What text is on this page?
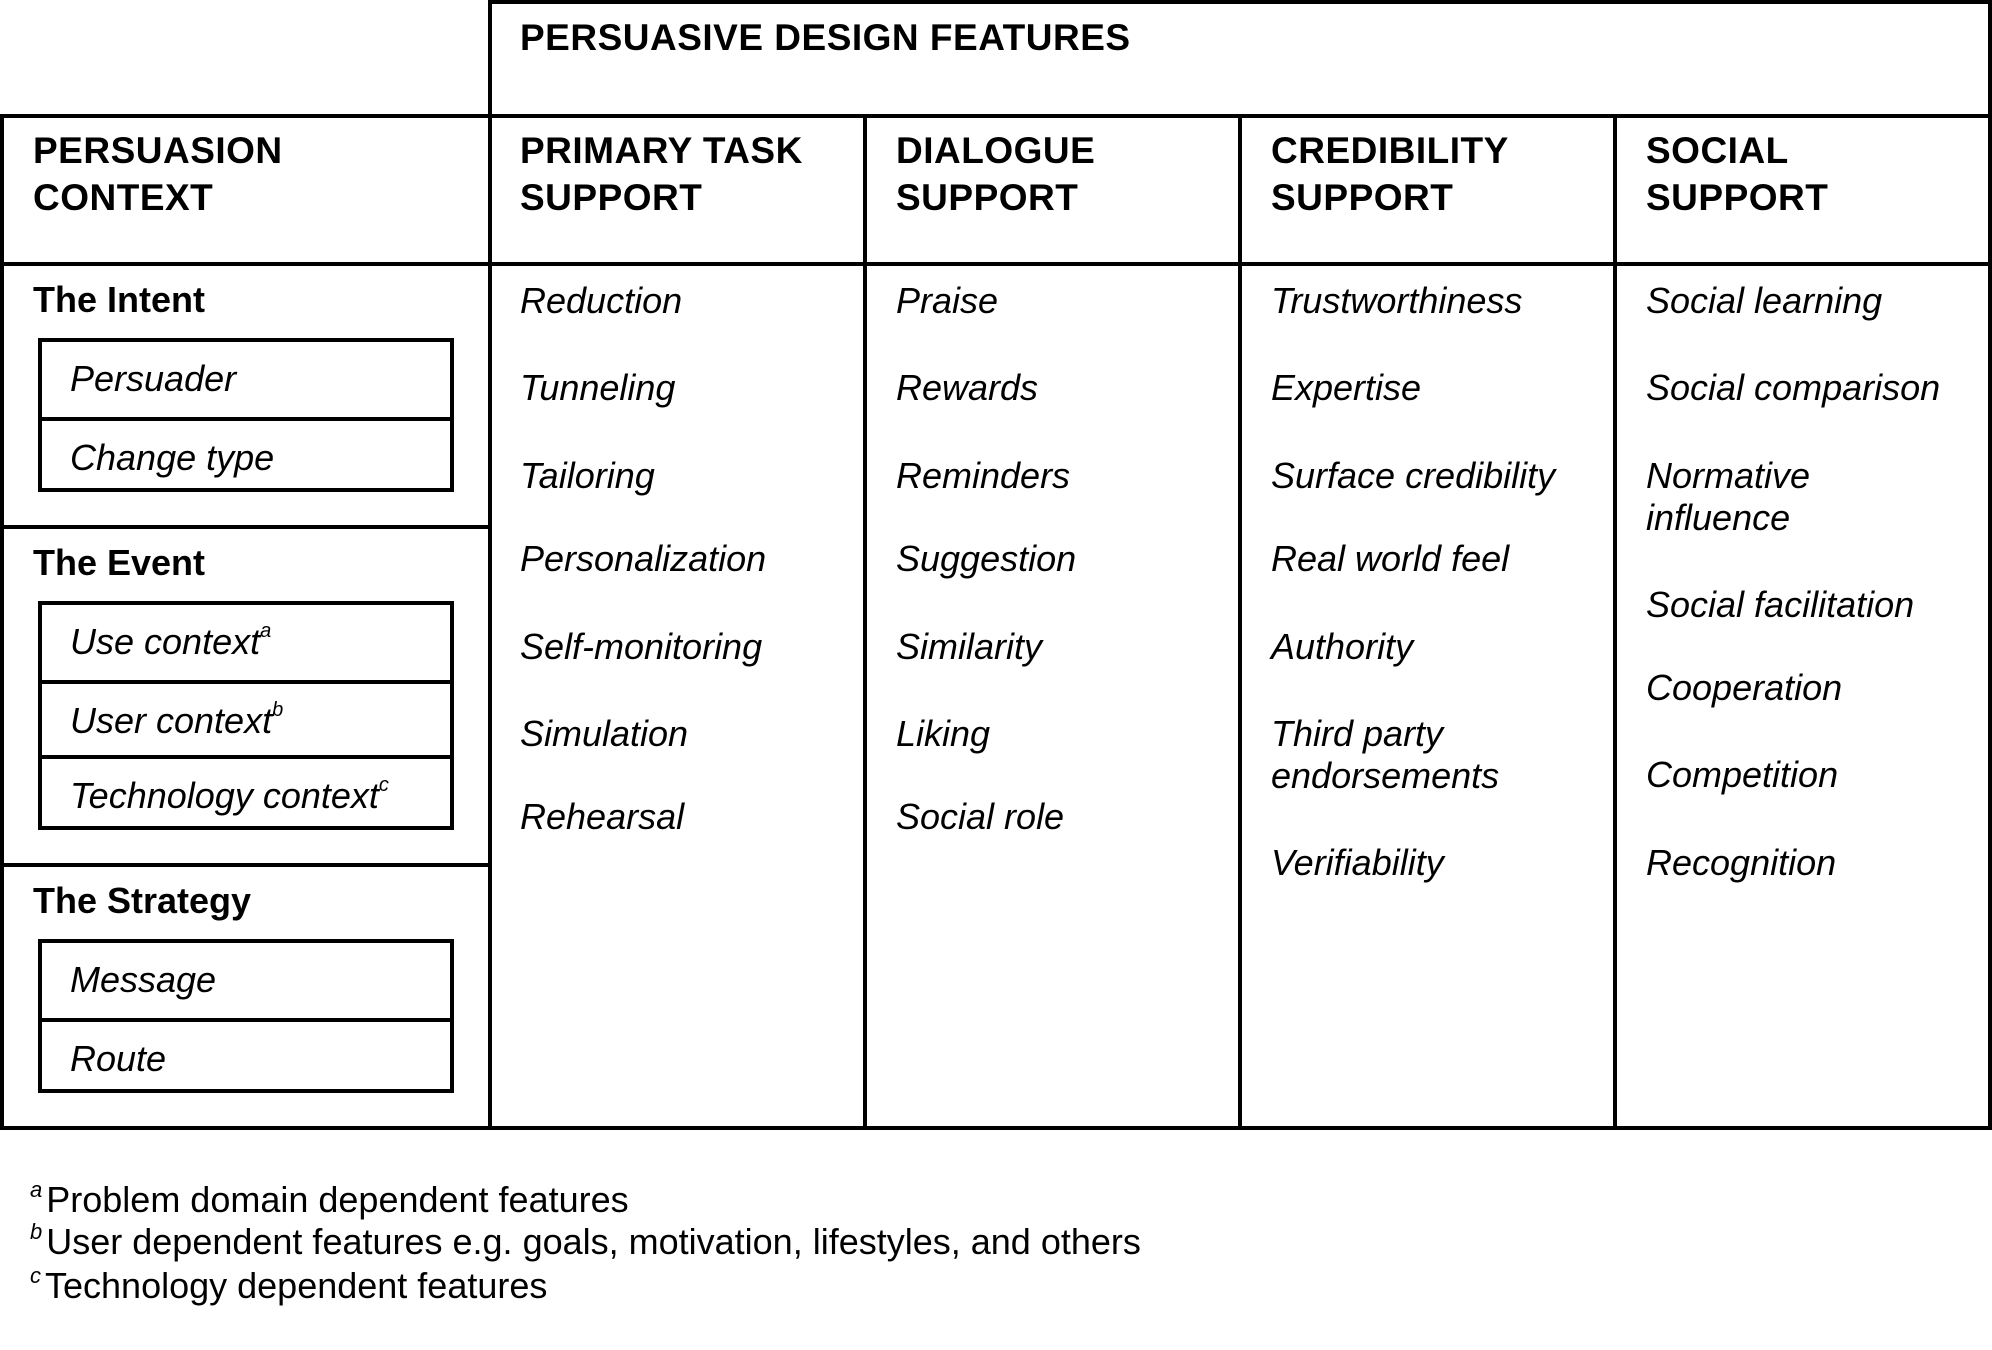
PERSUASIVE DESIGN FEATURES
PERSUASION
CONTEXT
PRIMARY TASK
SUPPORT
DIALOGUE
SUPPORT
CREDIBILITY
SUPPORT
SOCIAL
SUPPORT
The Intent
Persuader
Change type
The Event
Use context$^a$
User context$^b$
Technology context$^c$
The Strategy
Message
Route
Reduction
Tunneling
Tailoring
Personalization
Self-monitoring
Simulation
Rehearsal
Praise
Rewards
Reminders
Suggestion
Similarity
Liking
Social role
Trustworthiness
Expertise
Surface credibility
Real world feel
Authority
Third party
endorsements
Verifiability
Social learning
Social comparison
Normative
influence
Social facilitation
Cooperation
Competition
Recognition
$^a$ Problem domain dependent features
$^b$ User dependent features e.g. goals, motivation, lifestyles, and others
$^c$ Technology dependent features
